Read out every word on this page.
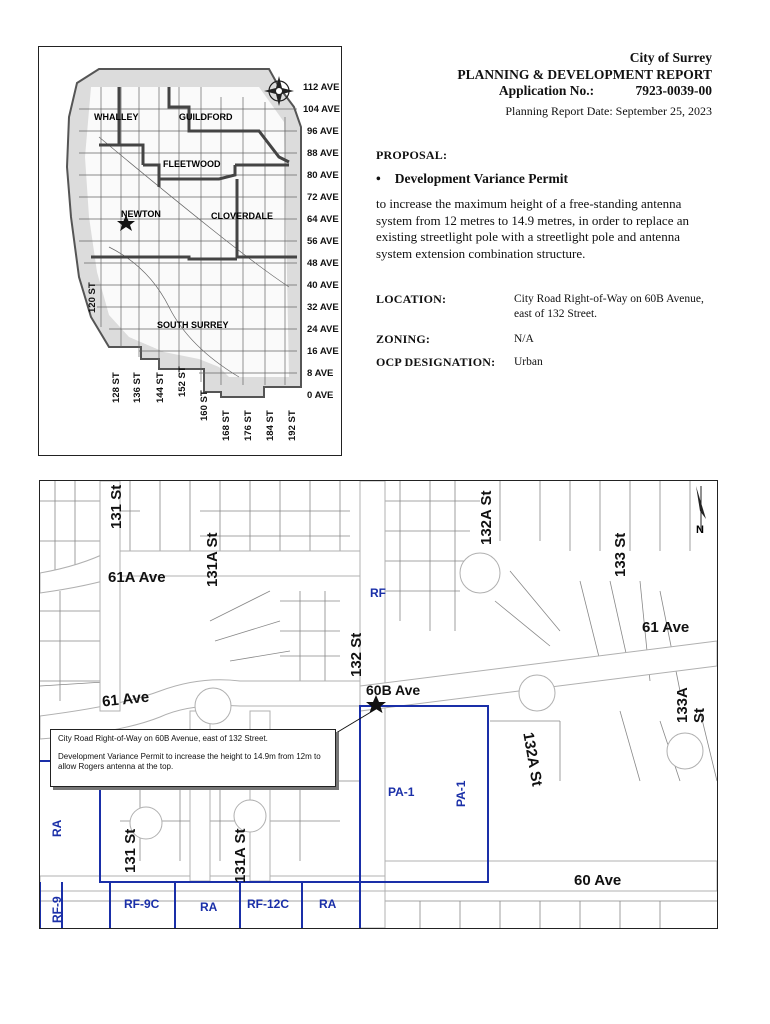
City of Surrey
PLANNING & DEVELOPMENT REPORT
Application No.:	7923-0039-00
Planning Report Date: September 25, 2023
PROPOSAL:
• Development Variance Permit
to increase the maximum height of a free-standing antenna system from 12 metres to 14.9 metres, in order to replace an existing streetlight pole with a streetlight pole and antenna system extension combination structure.
LOCATION:	City Road Right-of-Way on 60B Avenue, east of 132 Street.
ZONING:	N/A
OCP DESIGNATION: Urban
WHALLEY	GUILDFORD
FLEETWOOD
NEWTON	CLOVERDALE
SOUTH SURREY
112 AVE
104 AVE
96 AVE
88 AVE
80 AVE
72 AVE
64 AVE
56 AVE
48 AVE
40 AVE
32 AVE
24 AVE
16 AVE
8 AVE
0 AVE
120 ST
128 ST 136 ST 144 ST 152 ST
160 ST
168 ST 176 ST 184 ST 192 ST
N
131 St
61A Ave	131A St
132A St
133 St
61 Ave
132 St
60B Ave
61 Ave	133A St
132A St
131 St	131A St	60 Ave
RF
PA-1	PA-1
RA
RF-9	RF-9C	RA RF-12C RA
City Road Right-of-Way on 60B Avenue, east of 132 Street.
Development Variance Permit to increase the height to 14.9m from 12m to allow Rogers antenna at the top.
